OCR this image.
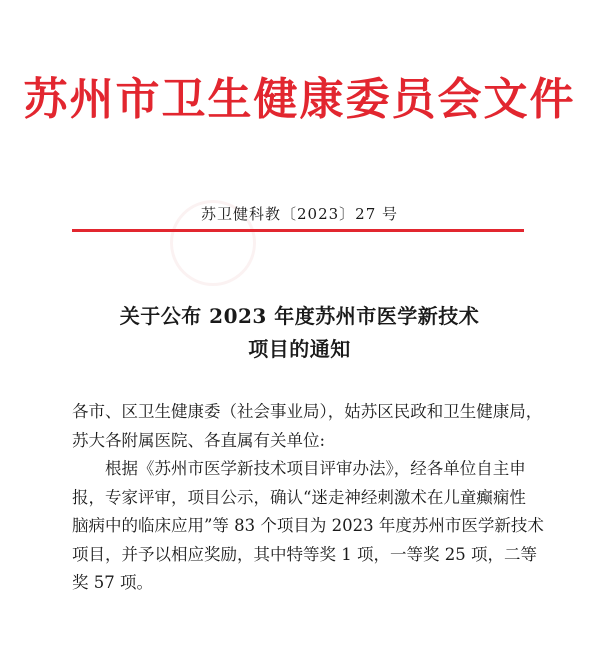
苏州市卫生健康委员会文件
苏卫健科教〔2023〕27 号
关于公布 2023 年度苏州市医学新技术
项目的通知
各市、区卫生健康委（社会事业局），姑苏区民政和卫生健康局，
苏大各附属医院、各直属有关单位:
根据《苏州市医学新技术项目评审办法》，经各单位自主申
报，专家评审，项目公示，确认“迷走神经刺激术在儿童癫痫性
脑病中的临床应用”等 83 个项目为 2023 年度苏州市医学新技术
项目，并予以相应奖励，其中特等奖 1 项，一等奖 25 项，二等
奖 57 项。
